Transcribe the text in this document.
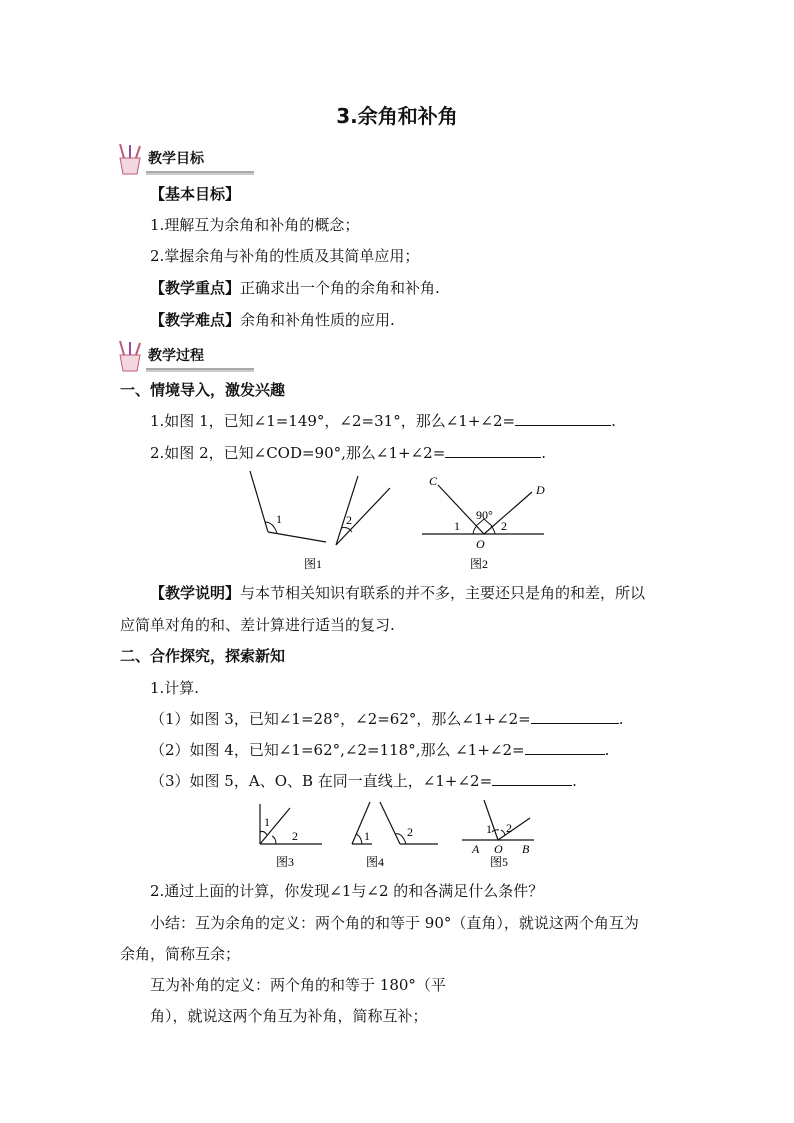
3.余角和补角
教学目标
【基本目标】
1.理解互为余角和补角的概念；
2.掌握余角与补角的性质及其简单应用；
【教学重点】正确求出一个角的余角和补角.
【教学难点】余角和补角性质的应用.
教学过程
一、情境导入，激发兴趣
1.如图 1，已知∠1=149°，∠2=31°，那么∠1+∠2=	.
2.如图 2，已知∠COD=90°,那么∠1+∠2=	.
1	2
图1
C
D
90°
1	2
O
图2
【教学说明】与本节相关知识有联系的并不多，主要还只是角的和差，所以
应简单对角的和、差计算进行适当的复习.
二、合作探究，探索新知
1.计算.
（1）如图 3，已知∠1=28°，∠2=62°，那么∠1+∠2=	.
（2）如图 4，已知∠1=62°,∠2=118°,那么 ∠1+∠2=	.
（3）如图 5，A、O、B 在同一直线上，∠1+∠2=	.
1
2
图3
1	2
图4
1 2
A O B
图5
2.通过上面的计算，你发现∠1与∠2 的和各满足什么条件？
小结：互为余角的定义：两个角的和等于 90°（直角），就说这两个角互为
余角，简称互余；
互为补角的定义：两个角的和等于 180°（平
角），就说这两个角互为补角，简称互补；
